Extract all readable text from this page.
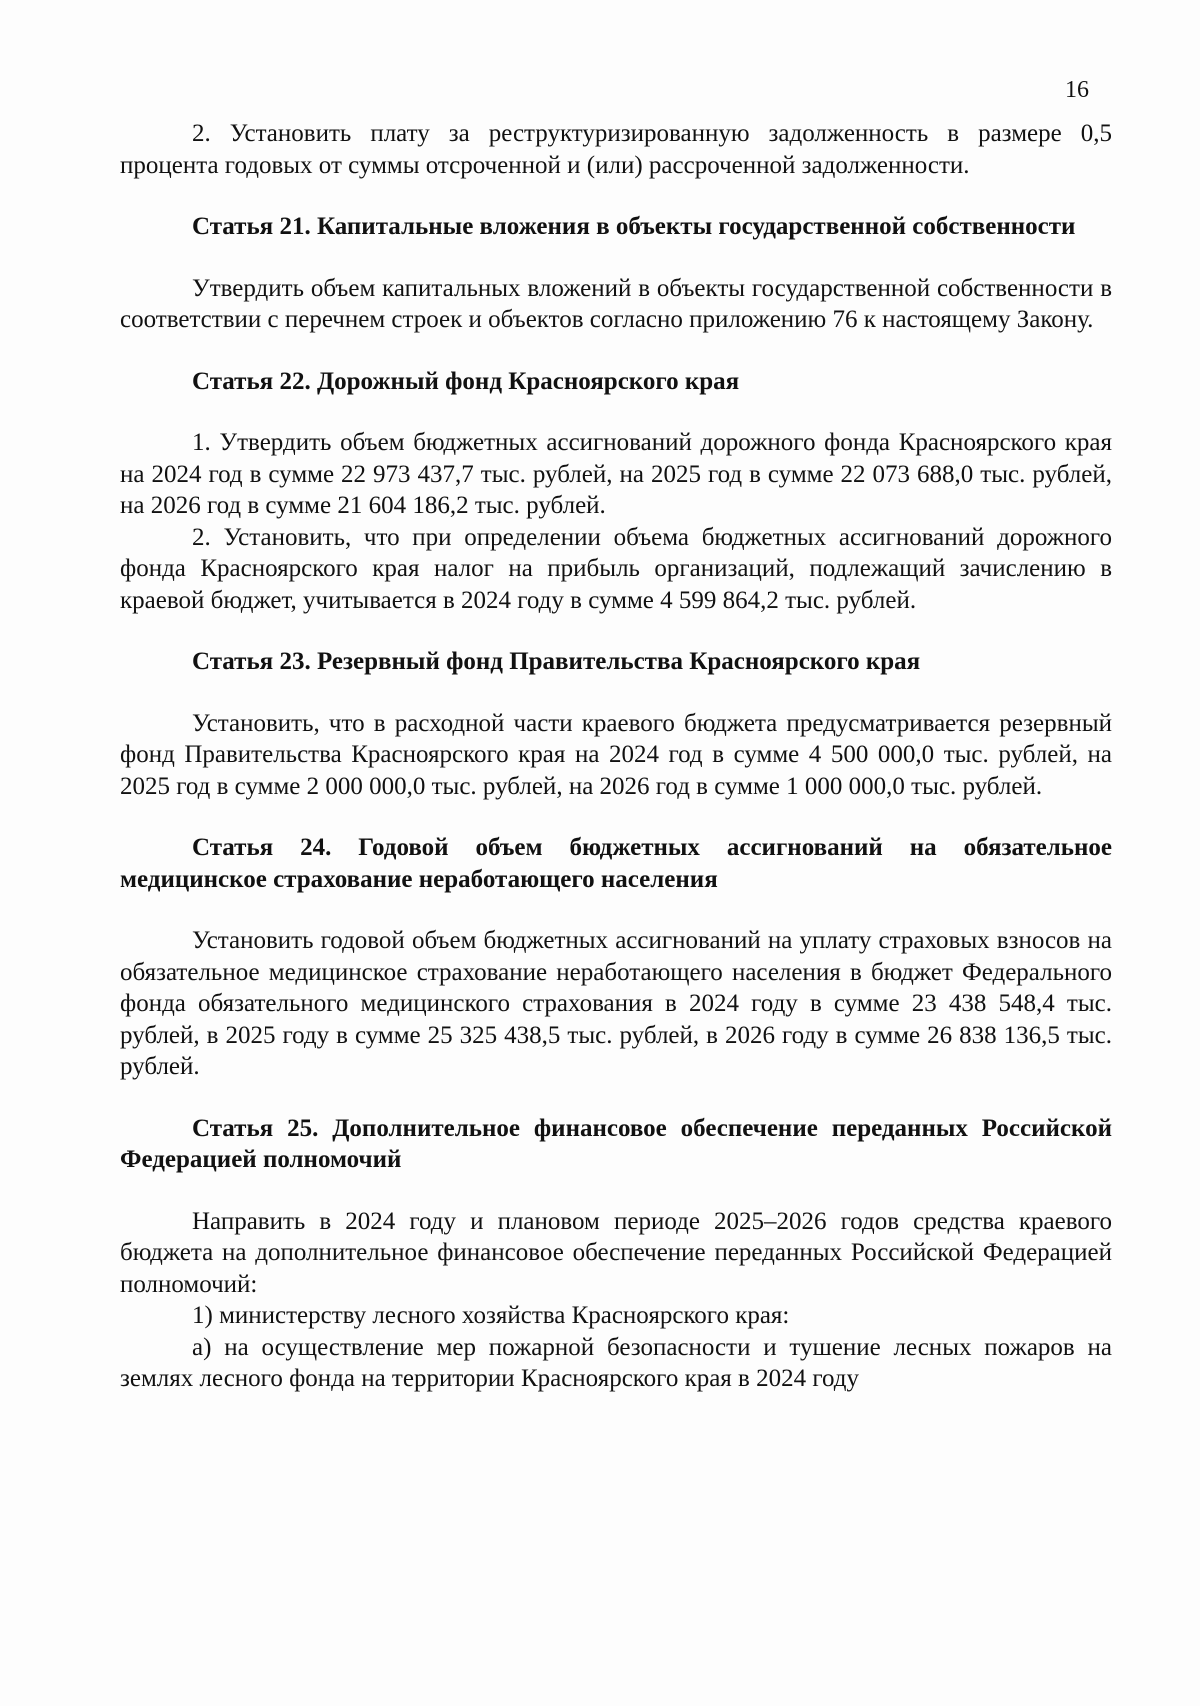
16

2. Установить плату за реструктуризированную задолженность в размере 0,5 процента годовых от суммы отсроченной и (или) рассроченной задолженности.

Статья 21. Капитальные вложения в объекты государственной собственности

Утвердить объем капитальных вложений в объекты государственной собственности в соответствии с перечнем строек и объектов согласно приложению 76 к настоящему Закону.

Статья 22. Дорожный фонд Красноярского края

1. Утвердить объем бюджетных ассигнований дорожного фонда Красноярского края на 2024 год в сумме 22 973 437,7 тыс. рублей, на 2025 год в сумме 22 073 688,0 тыс. рублей, на 2026 год в сумме 21 604 186,2 тыс. рублей.

2. Установить, что при определении объема бюджетных ассигнований дорожного фонда Красноярского края налог на прибыль организаций, подлежащий зачислению в краевой бюджет, учитывается в 2024 году в сумме 4 599 864,2 тыс. рублей.

Статья 23. Резервный фонд Правительства Красноярского края

Установить, что в расходной части краевого бюджета предусматривается резервный фонд Правительства Красноярского края на 2024 год в сумме 4 500 000,0 тыс. рублей, на 2025 год в сумме 2 000 000,0 тыс. рублей, на 2026 год в сумме 1 000 000,0 тыс. рублей.

Статья 24. Годовой объем бюджетных ассигнований на обязательное медицинское страхование неработающего населения

Установить годовой объем бюджетных ассигнований на уплату страховых взносов на обязательное медицинское страхование неработающего населения в бюджет Федерального фонда обязательного медицинского страхования в 2024 году в сумме 23 438 548,4 тыс. рублей, в 2025 году в сумме 25 325 438,5 тыс. рублей, в 2026 году в сумме 26 838 136,5 тыс. рублей.

Статья 25. Дополнительное финансовое обеспечение переданных Российской Федерацией полномочий

Направить в 2024 году и плановом периоде 2025–2026 годов средства краевого бюджета на дополнительное финансовое обеспечение переданных Российской Федерацией полномочий:

1) министерству лесного хозяйства Красноярского края:

а) на осуществление мер пожарной безопасности и тушение лесных пожаров на землях лесного фонда на территории Красноярского края в 2024 году
